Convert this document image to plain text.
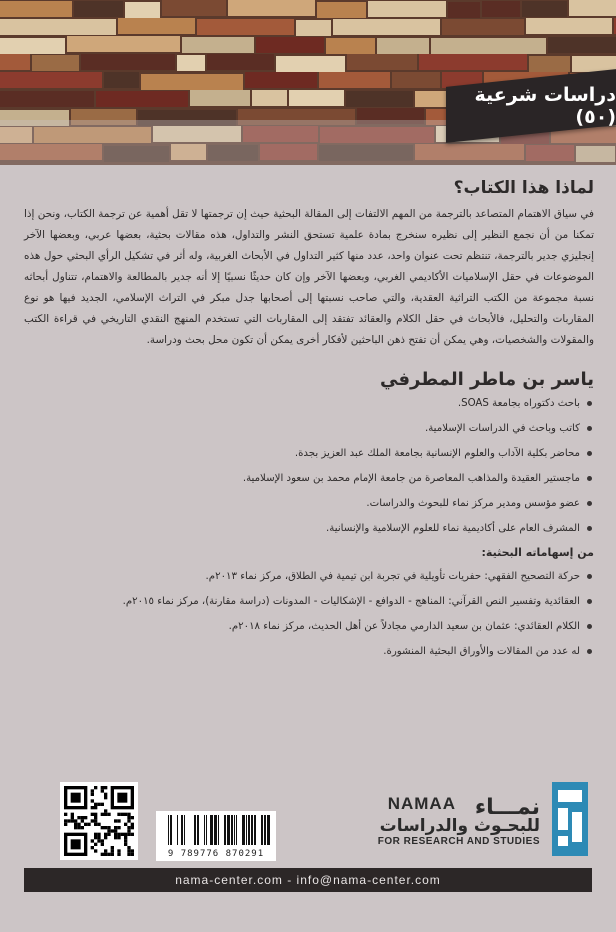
دراسات شرعية (٥٠)
لماذا هذا الكتاب؟

في سياق الاهتمام المتصاعد بالترجمة من المهم الالتفات إلى المقالة البحثية حيث إن ترجمتها لا تقل أهمية عن ترجمة الكتاب، ونحن إذا تمكنا من أن نجمع النظير إلى نظيره سنخرج بمادة علمية تستحق النشر والتداول، هذه مقالات بحثية، بعضها عربي، وبعضها الآخر إنجليزي جدير بالترجمة، تنتظم تحت عنوان واحد، عدد منها كثير التداول في الأبحاث الغربية، وله أثر في تشكيل الرأي البحثي حول هذه الموضوعات في حقل الإسلاميات الأكاديمي الغربي، وبعضها الآخر وإن كان حديثًا نسبيًا إلا أنه جدير بالمطالعة والاهتمام، تتناول أبحاثه نسبة مجموعة من الكتب التراثية العقدية، والتي صاحب نسبتها إلى أصحابها جدل مبكر في التراث الإسلامي، الجديد فيها هو نوع المقاربات والتحليل، فالأبحاث في حقل الكلام والعقائد تفتقد إلى المقاربات التي تستخدم المنهج النقدي التاريخي في قراءة الكتب والمقولات والشخصيات، وهي يمكن أن تفتح ذهن الباحثين لأفكار أخرى يمكن أن تكون محل بحث ودراسة.

ياسر بن ماطر المطرفي
باحث دكتوراه بجامعة SOAS.
كاتب وباحث في الدراسات الإسلامية.
محاضر بكلية الآداب والعلوم الإنسانية بجامعة الملك عبد العزيز بجدة.
ماجستير العقيدة والمذاهب المعاصرة من جامعة الإمام محمد بن سعود الإسلامية.
عضو مؤسس ومدير مركز نماء للبحوث والدراسات.
المشرف العام على أكاديمية نماء للعلوم الإسلامية والإنسانية.
من إسهاماته البحثية:
حركة التصحيح الفقهي: حفريات تأويلية في تجربة ابن تيمية في الطلاق، مركز نماء ٢٠١٣م.
العقائدية وتفسير النص القرآني: المناهج - الدوافع - الإشكاليات - المدونات (دراسة مقارنة)، مركز نماء ٢٠١٥م.
الكلام العقائدي: عثمان بن سعيد الدارمي مجادلاً عن أهل الحديث، مركز نماء ٢٠١٨م.
له عدد من المقالات والأوراق البحثية المنشورة.
9 789776 870291
NAMAA نمـــاء
للبحـوث والدراسات
FOR RESEARCH AND STUDIES
nama-center.com - info@nama-center.com
